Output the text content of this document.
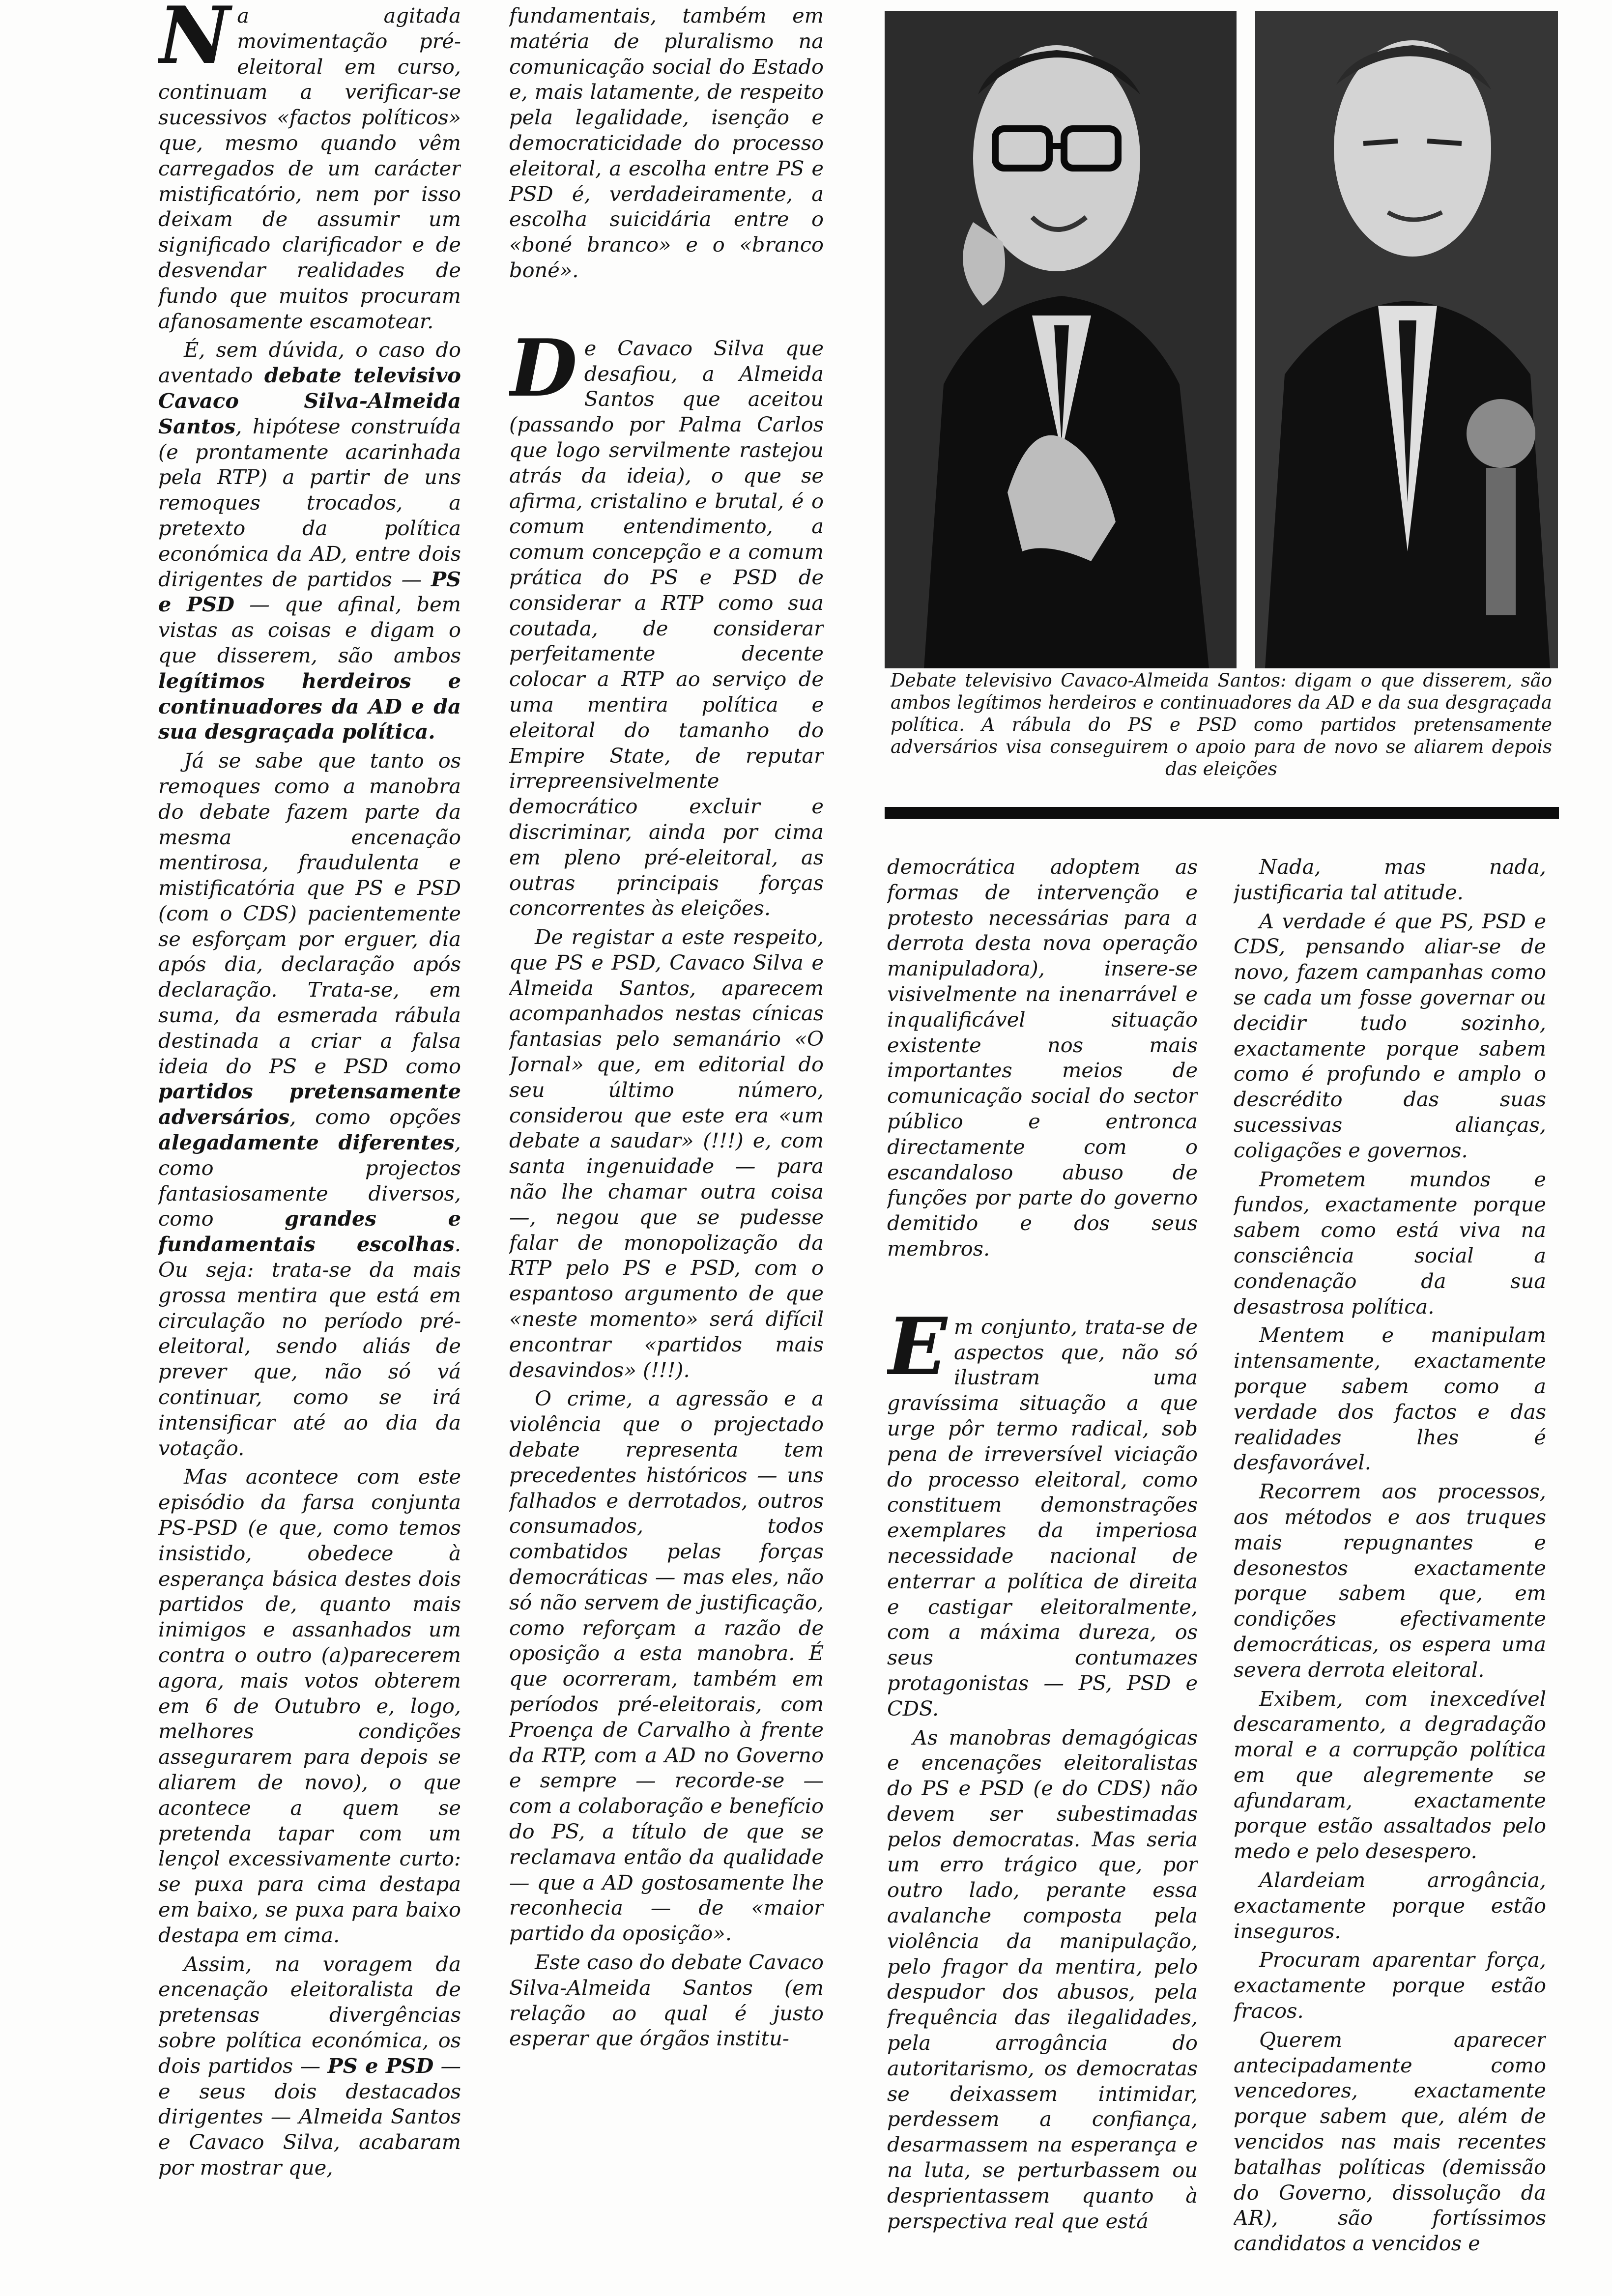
Na agitada movimentação pré-eleitoral em curso, continuam a verificar-se sucessivos «factos políticos» que, mesmo quando vêm carregados de um carácter mistificatório, nem por isso deixam de assumir um significado clarificador e de desvendar realidades de fundo que muitos procuram afanosamente escamotear.

É, sem dúvida, o caso do aventado debate televisivo Cavaco Silva-Almeida Santos, hipótese construída (e prontamente acarinhada pela RTP) a partir de uns remoques trocados, a pretexto da política económica da AD, entre dois dirigentes de partidos — PS e PSD — que afinal, bem vistas as coisas e digam o que disserem, são ambos legítimos herdeiros e continuadores da AD e da sua desgraçada política.

Já se sabe que tanto os remoques como a manobra do debate fazem parte da mesma encenação mentirosa, fraudulenta e mistificatória que PS e PSD (com o CDS) pacientemente se esforçam por erguer, dia após dia, declaração após declaração. Trata-se, em suma, da esmerada rábula destinada a criar a falsa ideia do PS e PSD como partidos pretensamente adversários, como opções alegadamente diferentes, como projectos fantasiosamente diversos, como	grandes e fundamentais escolhas. Ou seja: trata-se da mais grossa mentira que está em circulação no período pré-eleitoral, sendo aliás de prever que, não só vá continuar, como se irá intensificar até ao dia da votação.

Mas acontece com este episódio da farsa conjunta PS-PSD (e que, como temos insistido, obedece à esperança básica destes dois partidos de, quanto mais inimigos e assanhados um contra o outro (a)parecerem agora, mais votos obterem em 6 de Outubro e, logo, melhores condições assegurarem para depois se aliarem de novo), o que acontece a quem se pretenda tapar com um lençol excessivamente curto: se puxa para cima destapa em baixo, se puxa para baixo destapa em cima.

Assim, na voragem da encenação eleitoralista de pretensas divergências sobre política económica, os dois partidos — PS e PSD — e seus dois destacados dirigentes — Almeida Santos e Cavaco Silva, acabaram por mostrar que,

fundamentais, também em matéria de pluralismo na comunicação social do Estado e, mais latamente, de respeito pela legalidade, isenção e democraticidade do processo eleitoral, a escolha entre PS e PSD é, verdadeiramente, a escolha suicidária entre o «boné branco» e o «branco boné».

De Cavaco Silva que desafiou, a Almeida Santos que aceitou (passando por Palma Carlos que logo servilmente rastejou atrás da ideia), o que se afirma, cristalino e brutal, é o comum entendimento, a comum concepção e a comum prática do PS e PSD de considerar a RTP como sua coutada, de considerar perfeitamente decente colocar a RTP ao serviço de uma mentira política e eleitoral do tamanho do Empire State, de reputar irrepreensivelmente democrático excluir e discriminar, ainda por cima em pleno pré-eleitoral, as outras principais forças concorrentes às eleições.

De registar a este respeito, que PS e PSD, Cavaco Silva e Almeida Santos, aparecem acompanhados nestas cínicas fantasias pelo semanário «O Jornal» que, em editorial do seu último número, considerou que este era «um debate a saudar» (!!!) e, com santa ingenuidade — para não lhe chamar outra coisa —, negou que se pudesse falar de monopolização da RTP pelo PS e PSD, com o espantoso argumento de que «neste momento» será difícil encontrar «partidos mais desavindos» (!!!).

O crime, a agressão e a violência que o projectado debate representa tem precedentes históricos — uns falhados e derrotados, outros consumados, todos combatidos pelas forças democráticas — mas eles, não só não servem de justificação, como reforçam a razão de oposição a esta manobra. É que ocorreram, também em períodos pré-eleitorais, com Proença de Carvalho à frente da RTP, com a AD no Governo e sempre — recorde-se — com a colaboração e benefício do PS, a título de que se reclamava então da qualidade — que a AD gostosamente lhe reconhecia — de «maior partido da oposição».

Este caso do debate Cavaco Silva-Almeida Santos (em relação ao qual é justo esperar que órgãos institu-

Debate televisivo Cavaco-Almeida Santos: digam o que disserem, são ambos legítimos herdeiros e continuadores da AD e da sua desgraçada política. A rábula do PS e PSD como partidos pretensamente adversários visa conseguirem o apoio para de novo se aliarem depois das eleições

democrática adoptem as formas de intervenção e protesto necessárias para a derrota desta nova operação manipuladora), insere-se visivelmente na inenarrável e inqualificável situação existente nos mais importantes meios de comunicação social do sector público e entronca directamente com o escandaloso abuso de funções por parte do governo demitido e dos seus membros.

Em conjunto, trata-se de aspectos que, não só ilustram uma gravíssima situação a que urge pôr termo radical, sob pena de irreversível viciação do processo eleitoral, como constituem demonstrações exemplares da imperiosa necessidade nacional de enterrar a política de direita e castigar eleitoralmente, com a máxima dureza, os seus contumazes protagonistas — PS, PSD e CDS.

As manobras demagógicas e encenações eleitoralistas do PS e PSD (e do CDS) não devem ser subestimadas pelos democratas. Mas seria um erro trágico que, por outro lado, perante essa avalanche composta pela violência da manipulação, pelo fragor da mentira, pelo despudor dos abusos, pela frequência das ilegalidades, pela arrogância do autoritarismo, os democratas se deixassem intimidar, perdessem a confiança, desarmassem na esperança e na luta, se perturbassem ou desprientassem quanto à perspectiva real que está

Nada, mas nada, justificaria tal atitude.

A verdade é que PS, PSD e CDS, pensando aliar-se de novo, fazem campanhas como se cada um fosse governar ou decidir tudo sozinho, exactamente porque sabem como é profundo e amplo o descrédito das suas sucessivas alianças, coligações e governos.

Prometem mundos e fundos, exactamente porque sabem como está viva na consciência social a condenação da sua desastrosa política.

Mentem e manipulam intensamente, exactamente porque sabem como a verdade dos factos e das realidades lhes é desfavorável.

Recorrem aos processos, aos métodos e aos truques mais repugnantes e desonestos exactamente porque sabem que, em condições efectivamente democráticas, os espera uma severa derrota eleitoral.

Exibem, com inexcedível descaramento, a degradação moral e a corrupção política em que alegremente se afundaram, exactamente porque estão assaltados pelo medo e pelo desespero.

Alardeiam arrogância, exactamente porque estão inseguros.

Procuram aparentar força, exactamente porque estão fracos.

Querem aparecer antecipadamente como vencedores, exactamente porque sabem que, além de vencidos nas mais recentes batalhas políticas (demissão do Governo, dissolução da AR), são fortíssimos candidatos a vencidos e
